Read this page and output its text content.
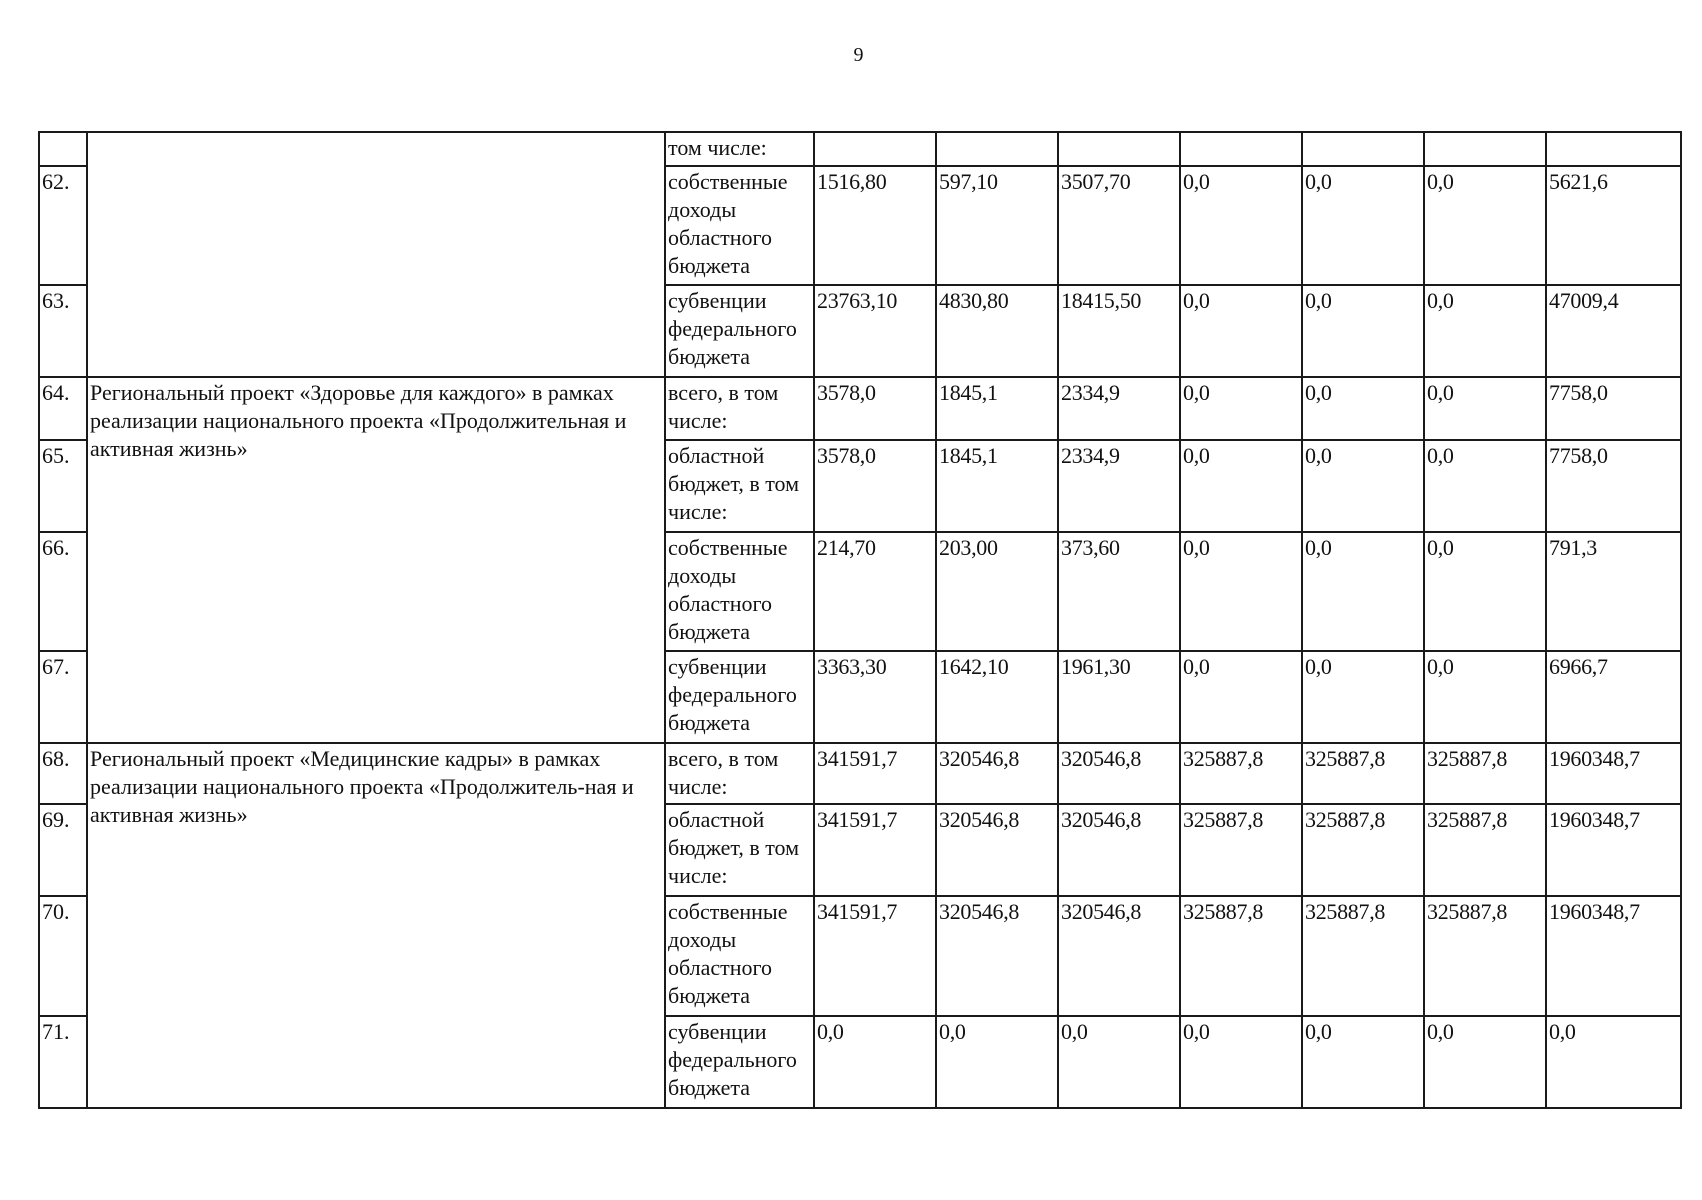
9
		том числе:							
62.		собственные доходы областного бюджета	1516,80	597,10	3507,70	0,0	0,0	0,0	5621,6
63.		субвенции федерального бюджета	23763,10	4830,80	18415,50	0,0	0,0	0,0	47009,4
64.	Региональный проект «Здоровье для каждого» в рамках реализации национального проекта «Продолжительная и активная жизнь»	всего, в том числе:	3578,0	1845,1	2334,9	0,0	0,0	0,0	7758,0
65.		областной бюджет, в том числе:	3578,0	1845,1	2334,9	0,0	0,0	0,0	7758,0
66.		собственные доходы областного бюджета	214,70	203,00	373,60	0,0	0,0	0,0	791,3
67.		субвенции федерального бюджета	3363,30	1642,10	1961,30	0,0	0,0	0,0	6966,7
68.	Региональный проект «Медицинские кадры» в рамках реализации национального проекта «Продолжитель-ная и активная жизнь»	всего, в том числе:	341591,7	320546,8	320546,8	325887,8	325887,8	325887,8	1960348,7
69.		областной бюджет, в том числе:	341591,7	320546,8	320546,8	325887,8	325887,8	325887,8	1960348,7
70.		собственные доходы областного бюджета	341591,7	320546,8	320546,8	325887,8	325887,8	325887,8	1960348,7
71.		субвенции федерального бюджета	0,0	0,0	0,0	0,0	0,0	0,0	0,0
